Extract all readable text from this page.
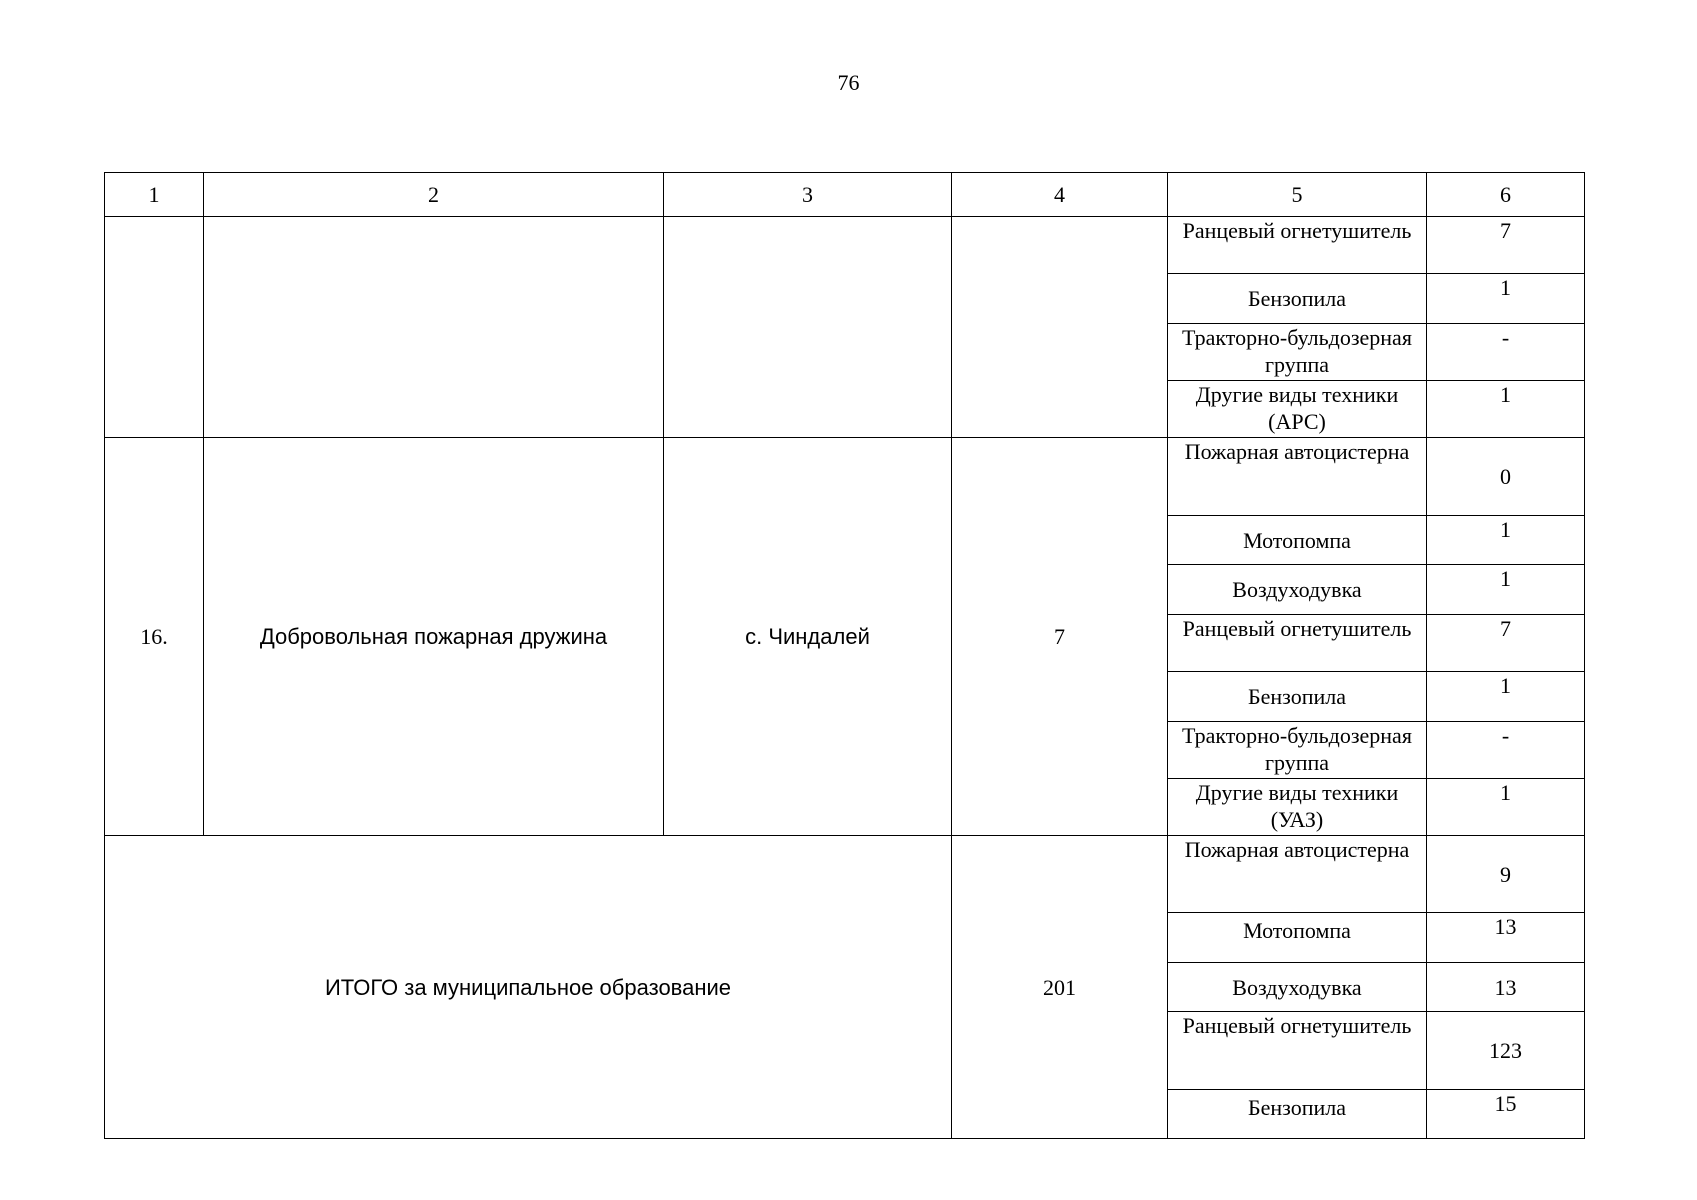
76
1	2	3	4	5	6
				Ранцевый огнетушитель	7
				Бензопила	1
				Тракторно-бульдозерная группа	-
				Другие виды техники (АРС)	1
16.	Добровольная пожарная дружина	с. Чиндалей	7	Пожарная автоцистерна	0
				Мотопомпа	1
				Воздуходувка	1
				Ранцевый огнетушитель	7
				Бензопила	1
				Тракторно-бульдозерная группа	-
				Другие виды техники (УАЗ)	1
ИТОГО за муниципальное образование			201	Пожарная автоцистерна	9
				Мотопомпа	13
				Воздуходувка	13
				Ранцевый огнетушитель	123
				Бензопила	15
